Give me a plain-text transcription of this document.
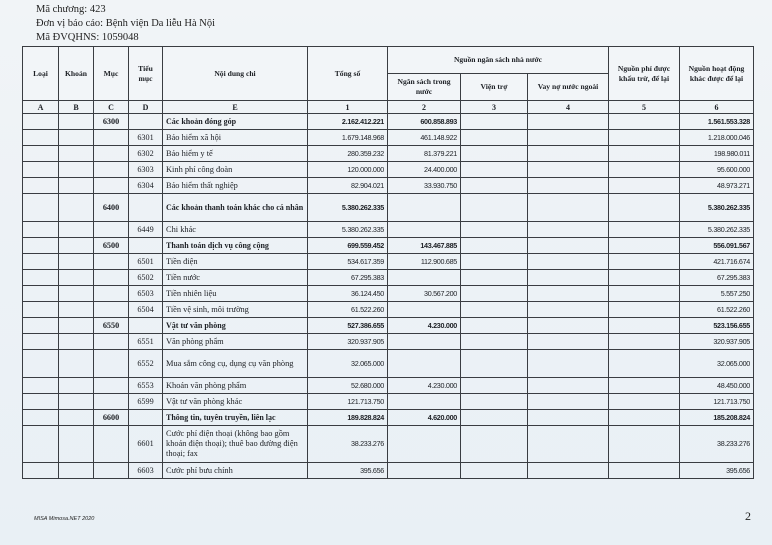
Mã chương: 423
Đơn vị báo cáo: Bệnh viện Da liễu Hà Nội
Mã ĐVQHNS: 1059048
Loại	Khoản	Mục	Tiểu mục	Nội dung chi	Tổng số	Nguồn ngân sách nhà nước			Nguồn phí được khấu trừ, để lại	Nguồn hoạt động khác được để lại
						Ngân sách trong nước	Viện trợ	Vay nợ nước ngoài		
A	B	C	D	E	1	2	3	4	5	6
		6300		Các khoản đóng góp	2.162.412.221	600.858.893				1.561.553.328
			6301	Bảo hiểm xã hội	1.679.148.968	461.148.922				1.218.000.046
			6302	Bảo hiểm y tế	280.359.232	81.379.221				198.980.011
			6303	Kinh phí công đoàn	120.000.000	24.400.000				95.600.000
			6304	Bảo hiểm thất nghiệp	82.904.021	33.930.750				48.973.271
		6400		Các khoản thanh toán khác cho cá nhân	5.380.262.335					5.380.262.335
			6449	Chi khác	5.380.262.335					5.380.262.335
		6500		Thanh toán dịch vụ công cộng	699.559.452	143.467.885				556.091.567
			6501	Tiền điện	534.617.359	112.900.685				421.716.674
			6502	Tiền nước	67.295.383					67.295.383
			6503	Tiền nhiên liệu	36.124.450	30.567.200				5.557.250
			6504	Tiền vệ sinh, môi trường	61.522.260					61.522.260
		6550		Vật tư văn phòng	527.386.655	4.230.000				523.156.655
			6551	Văn phòng phẩm	320.937.905					320.937.905
			6552	Mua sắm công cụ, dụng cụ văn phòng	32.065.000					32.065.000
			6553	Khoán văn phòng phẩm	52.680.000	4.230.000				48.450.000
			6599	Vật tư văn phòng khác	121.713.750					121.713.750
		6600		Thông tin, tuyên truyền, liên lạc	189.828.824	4.620.000				185.208.824
			6601	Cước phí điện thoại (không bao gồm khoán điện thoại); thuê bao đường điện thoại; fax	38.233.276					38.233.276
			6603	Cước phí bưu chính	395.656					395.656
MISA Mimosa.NET 2020	2
